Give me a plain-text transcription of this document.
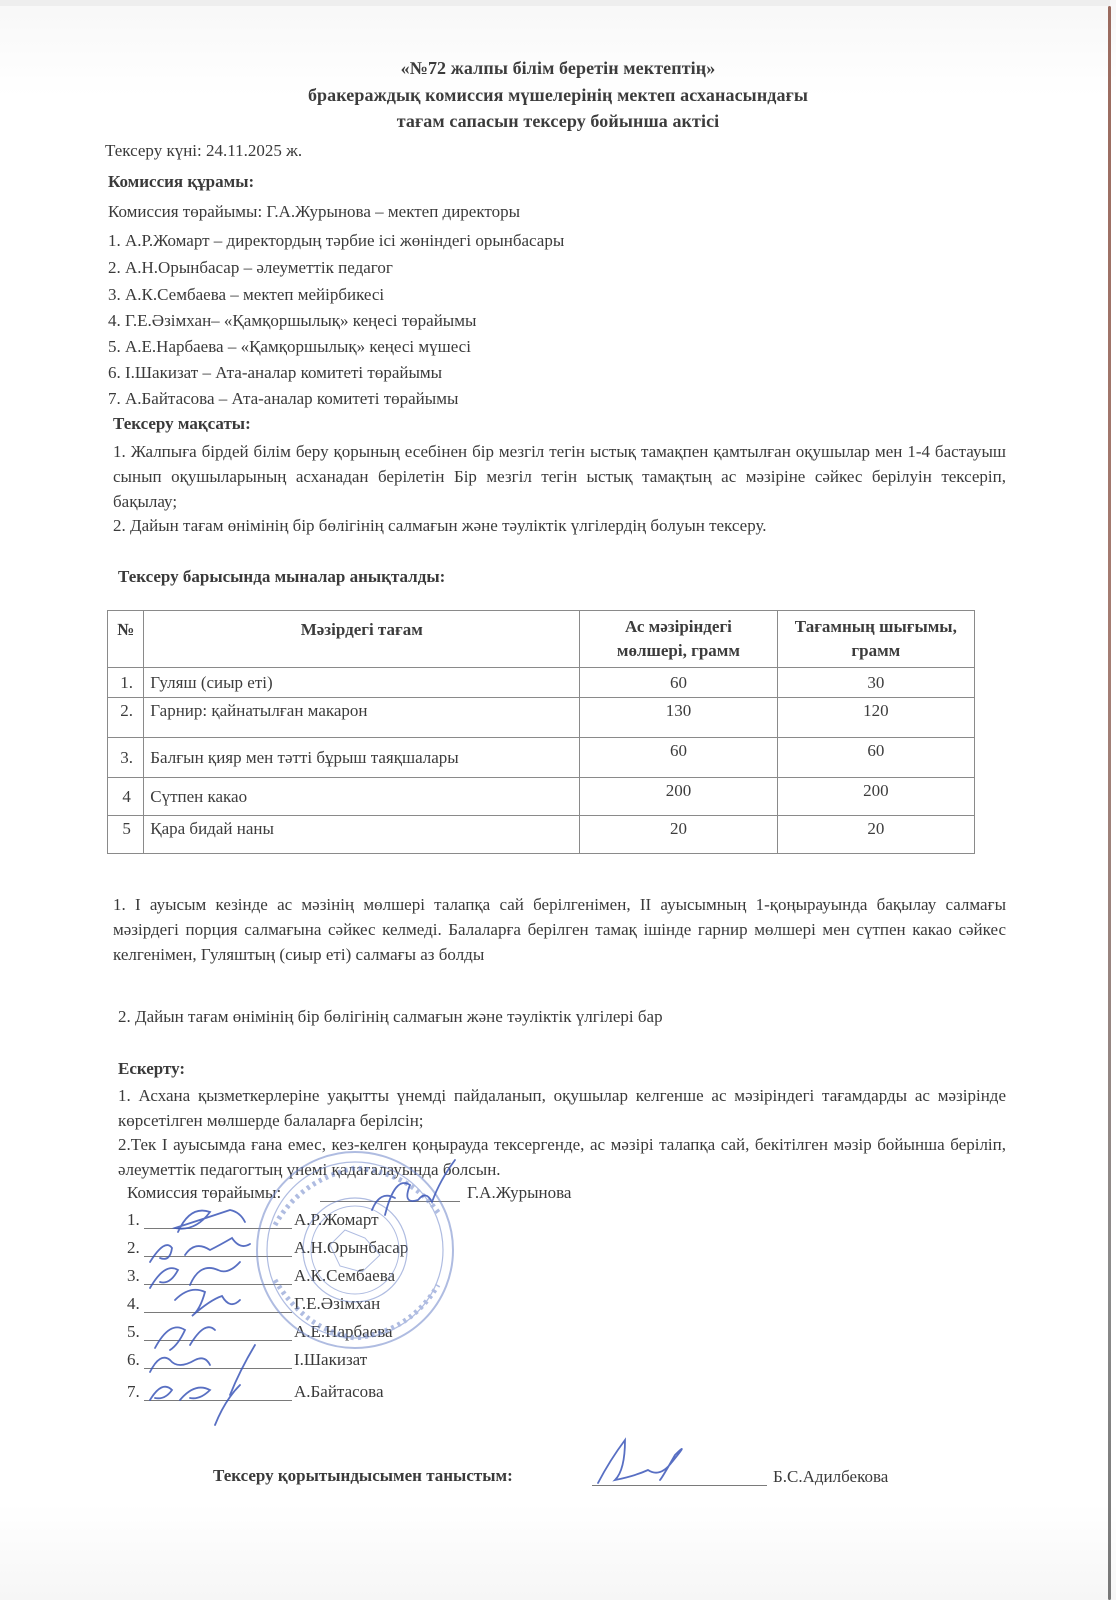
«№72 жалпы білім беретін мектептің»
бракераждық комиссия мүшелерінің мектеп асханасындағы
тағам сапасын тексеру бойынша актісі
Тексеру күні: 24.11.2025 ж.
Комиссия құрамы:
Комиссия төрайымы: Г.А.Журынова – мектеп директоры
1. А.Р.Жомарт – директордың тәрбие ісі жөніндегі орынбасары
2. А.Н.Орынбасар – әлеуметтік педагог
3. А.К.Сембаева – мектеп мейірбикесі
4. Г.Е.Әзімхан– «Қамқоршылық» кеңесі төрайымы
5. А.Е.Нарбаева – «Қамқоршылық» кеңесі мүшесі
6. І.Шакизат – Ата-аналар комитеті төрайымы
7. А.Байтасова – Ата-аналар комитеті төрайымы
Тексеру мақсаты:
1. Жалпыға бірдей білім беру қорының есебінен бір мезгіл тегін ыстық тамақпен қамтылған оқушылар мен 1-4 бастауыш сынып оқушыларының асханадан берілетін Бір мезгіл тегін ыстық тамақтың ас мәзіріне сәйкес берілуін тексеріп, бақылау;
2. Дайын тағам өнімінің бір бөлігінің салмағын және тәуліктік үлгілердің болуын тексеру.
Тексеру барысында мыналар анықталды:
№	Мәзірдегі тағам	Ас мәзіріндегі мөлшері, грамм	Тағамның шығымы, грамм
1.	Гуляш (сиыр еті)	60	30
2.	Гарнир: қайнатылған макарон	130	120
3.	Балғын қияр мен тәтті бұрыш таяқшалары	60	60
4	Сүтпен какао	200	200
5	Қара бидай наны	20	20
1. І ауысым кезінде ас мәзінің мөлшері талапқа сай берілгенімен, ІІ ауысымның 1-қоңырауында бақылау салмағы мәзірдегі порция салмағына сәйкес келмеді. Балаларға берілген тамақ ішінде гарнир мөлшері мен сүтпен какао сәйкес келгенімен, Гуляштың (сиыр еті) салмағы аз болды
2. Дайын тағам өнімінің бір бөлігінің салмағын және тәуліктік үлгілері бар
Ескерту:
1. Асхана қызметкерлеріне уақытты үнемді пайдаланып, оқушылар келгенше ас мәзіріндегі тағамдарды ас мәзірінде көрсетілген мөлшерде балаларға берілсін;
2.Тек І ауысымда ғана емес, кез-келген қоңырауда тексергенде, ас мәзірі талапқа сай, бекітілген мәзір бойынша беріліп, әлеуметтік педагогтың үнемі қадағалауында болсын.
Комиссия төрайымы:	Г.А.Журынова
1.	А.Р.Жомарт
2.	А.Н.Орынбасар
3.	А.К.Сембаева
4.	Г.Е.Әзімхан
5.	А.Е.Нарбаева
6.	І.Шакизат
7.	А.Байтасова
Тексеру қорытындысымен таныстым:	Б.С.Адилбекова
